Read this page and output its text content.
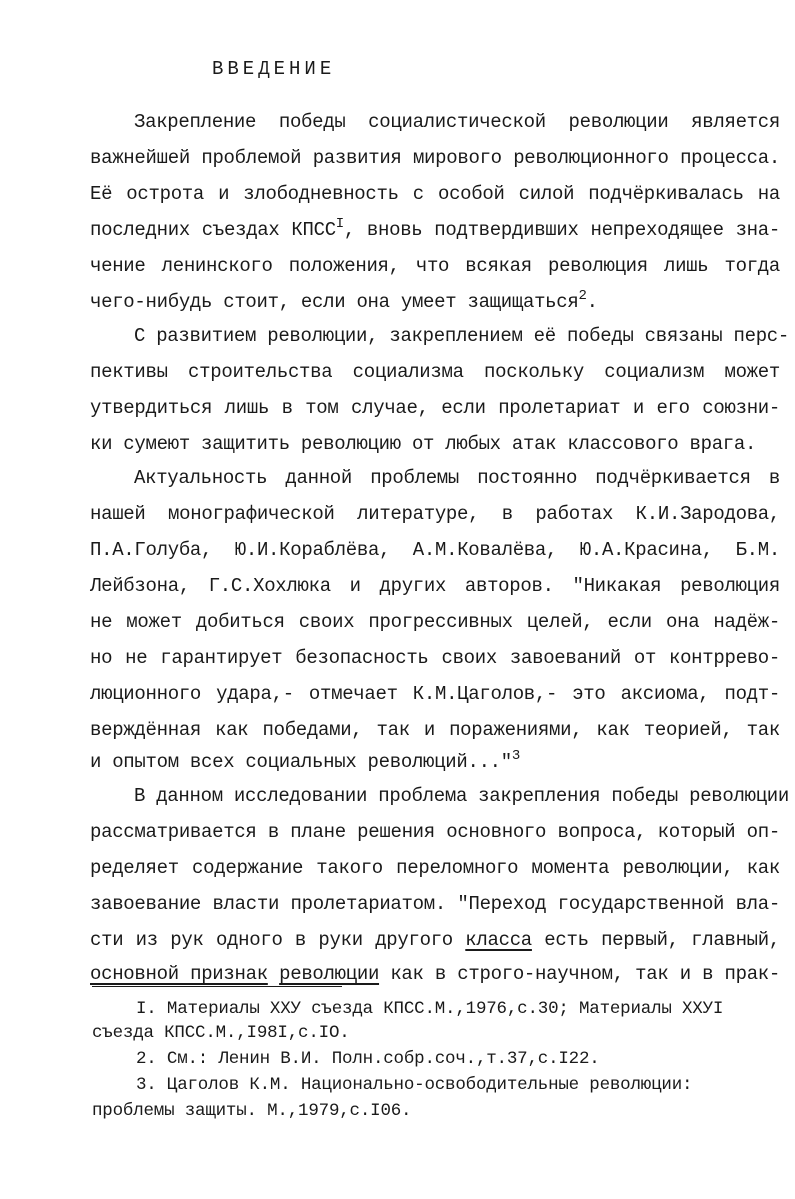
ВВЕДЕНИЕ
Закрепление победы социалистической революции является
важнейшей проблемой развития мирового революционного процесса.
Её острота и злободневность с особой силой подчёркивалась на
последних съездах $КПСС^I$, вновь подтвердивших непреходящее зна-
чение ленинского положения, что всякая революция лишь тогда
чего-нибудь стоит, если она умеет защищаться$^2$.
С развитием революции, закреплением её победы связаны перс-
пективы строительства социализма поскольку социализм может
утвердиться лишь в том случае, если пролетариат и его союзни-
ки сумеют защитить революцию от любых атак классового врага.
Актуальность данной проблемы постоянно подчёркивается в
нашей монографической литературе, в работах К.И.Зародова,
П.А.Голуба, Ю.И.Кораблёва, А.М.Ковалёва, Ю.А.Красина, Б.М.
Лейбзона, Г.С.Хохлюка и других авторов. "Никакая революция
не может добиться своих прогрессивных целей, если она надёж-
но не гарантирует безопасность своих завоеваний от контррево-
люционного удара,- отмечает К.М.Цаголов,- это аксиома, подт-
верждённая как победами, так и поражениями, как теорией, так
и опытом всех социальных революций..."$^3$
В данном исследовании проблема закрепления победы революции
рассматривается в плане решения основного вопроса, который оп-
ределяет содержание такого переломного момента революции, как
завоевание власти пролетариатом. "Переход государственной вла-
сти из рук одного в руки другого класса есть первый, главный,
основной признак революции как в строго-научном, так и в прак-
I. Материалы ХХУ съезда КПСС.М.,1976,с.30; Материалы ХХУI
съезда КПСС.М.,I98I,с.IO.
2. См.: Ленин В.И. Полн.собр.соч.,т.37,с.I22.
3. Цаголов К.М. Национально-освободительные революции:
проблемы защиты. М.,1979,с.I06.
